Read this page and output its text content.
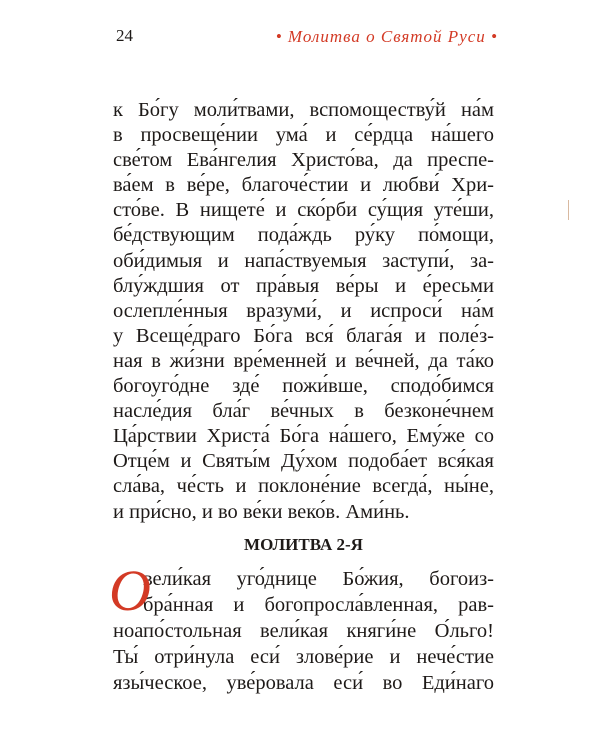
24	• Молитва о Святой Руси •
к Бо́гу моли́твами, вспомоществу́й на́м
в просвеще́нии ума́ и се́рдца на́шего
све́том Ева́нгелия Христо́ва, да преспе-
ва́ем в ве́ре, благоче́стии и любви́ Хри-
сто́ве. В нищете́ и ско́рби су́щия уте́ши,
бе́дствующим пода́ждь ру́ку по́мощи,
оби́димыя и напа́ствуемыя заступи́, за-
блу́ждшия от пра́выя ве́ры и е́ресьми
ослепле́нныя вразуми́, и испроси́ на́м
у Всеще́драго Бо́га вся́ блага́я и поле́з-
ная в жи́зни вре́менней и ве́чней, да та́ко
богоуго́дне зде́ пожи́вше, сподо́бимся
насле́дия бла́г ве́чных в безконе́чнем
Ца́рствии Христа́ Бо́га на́шего, Ему́же со
Отце́м и Святы́м Ду́хом подоба́ет вся́кая
сла́ва, че́сть и поклоне́ние всегда́, ны́не,
и при́сно, и во ве́ки веко́в. Ами́нь.
МОЛИТВА 2-Я
О
вели́кая уго́днице Бо́жия, богоиз-
бра́нная и богопросла́вленная, рав-
ноапо́стольная вели́кая княги́не О́льго!
Ты́ отри́нула еси́ злове́рие и нече́стие
язы́ческое, уве́ровала еси́ во Еди́наго
